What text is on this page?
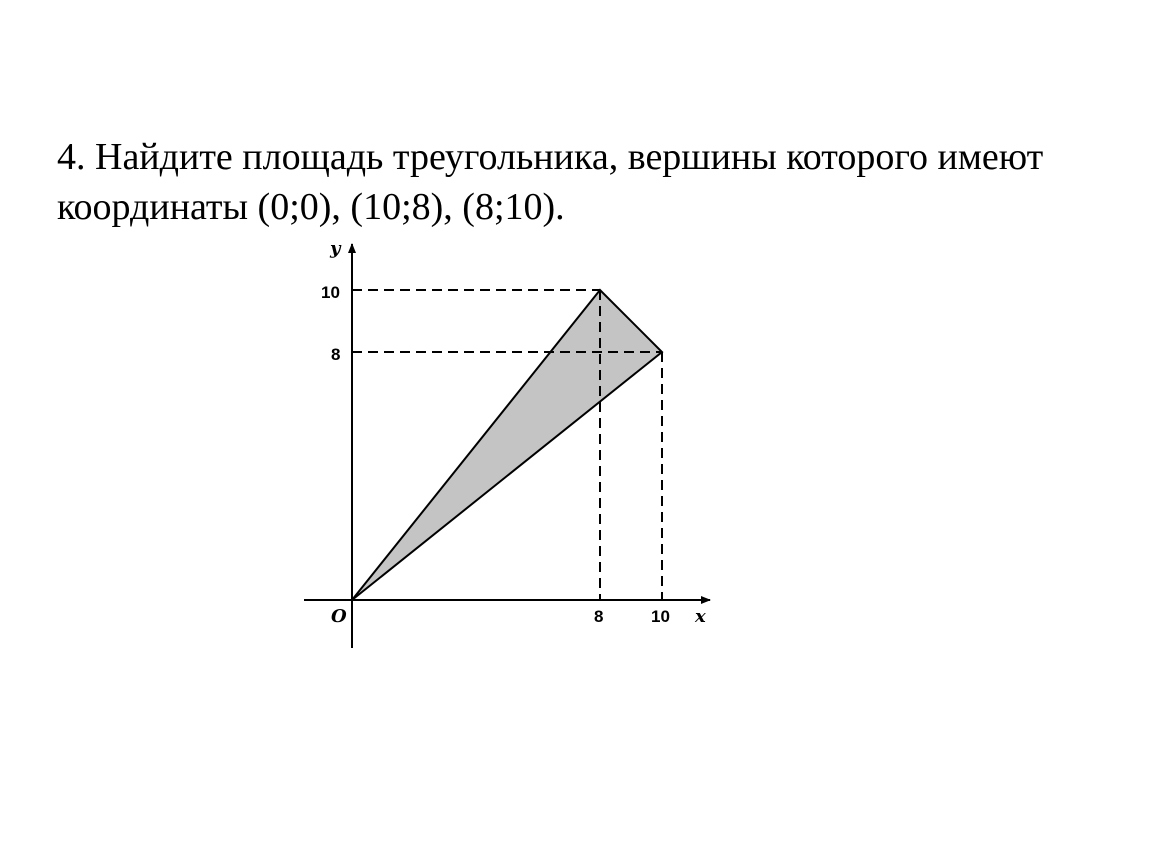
4. Найдите площадь треугольника, вершины которого имеют
координаты (0;0), (10;8), (8;10).

y
x
O
10
8
8	10
